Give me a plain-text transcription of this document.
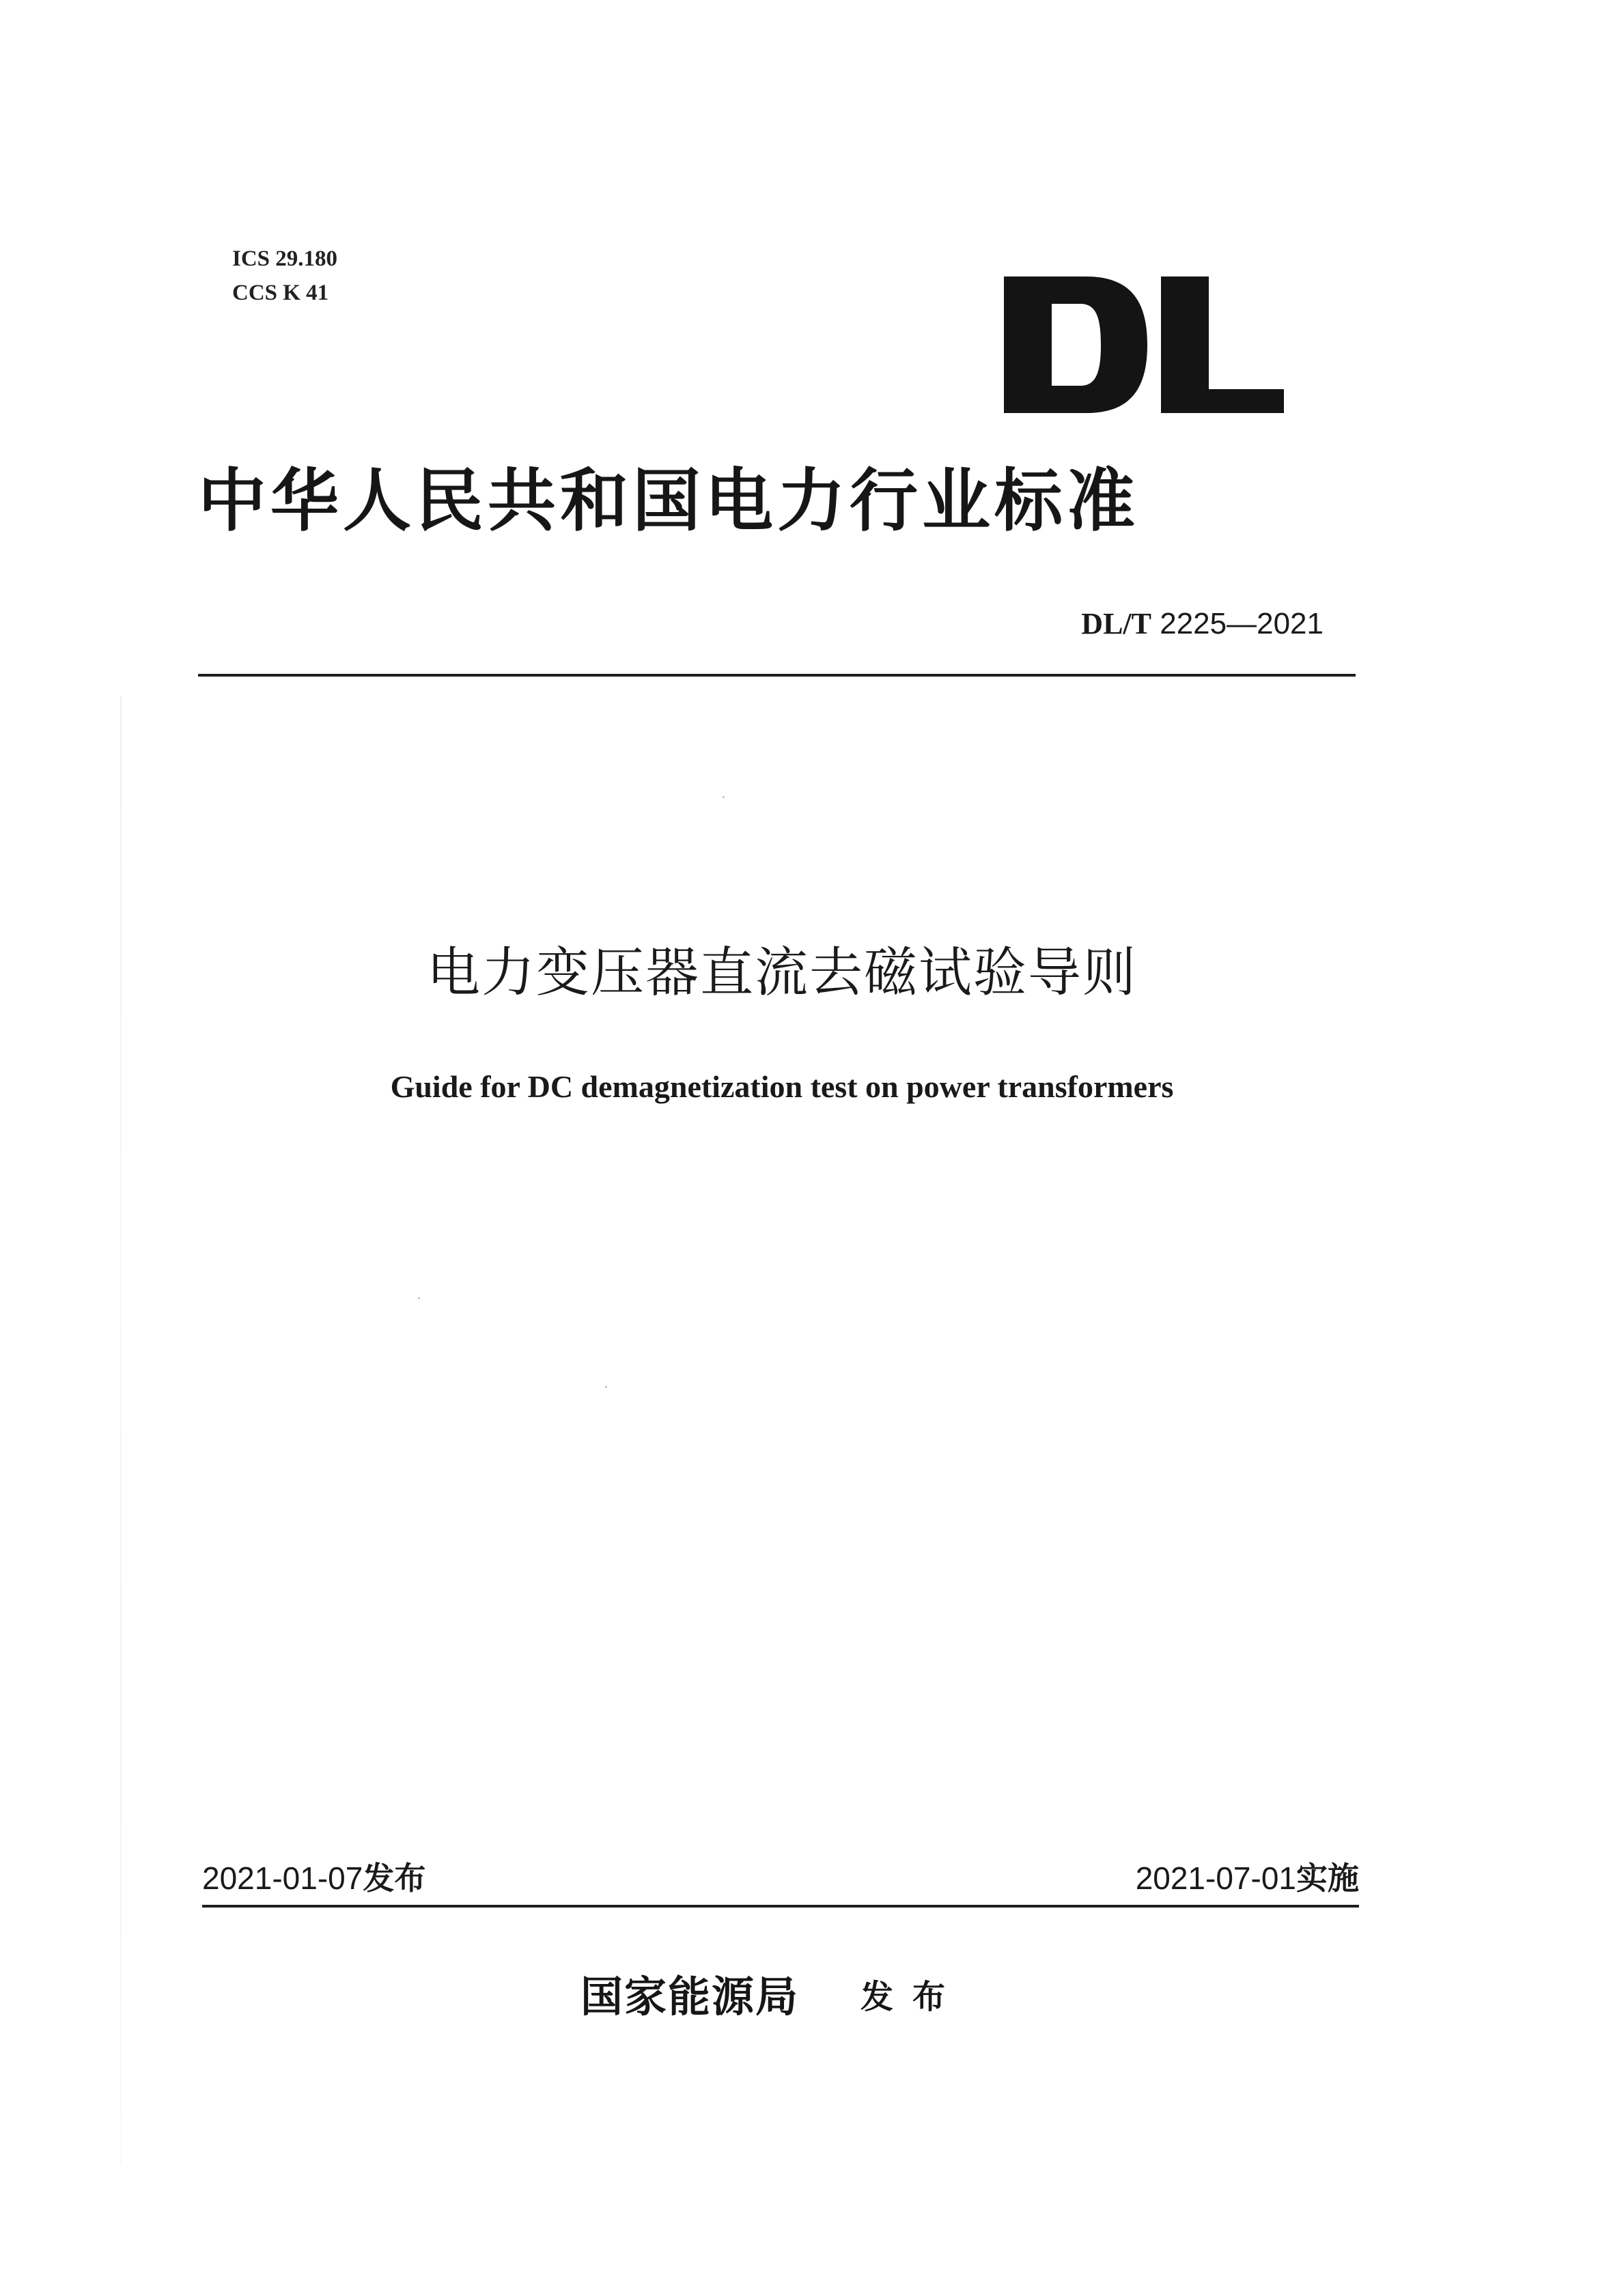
ICS 29.180
CCS K 41
中华人民共和国电力行业标准
DL/T 2225—2021
电力变压器直流去磁试验导则
Guide for DC demagnetization test on power transformers
2021-01-07发布	2021-07-01实施
国家能源局 发布
